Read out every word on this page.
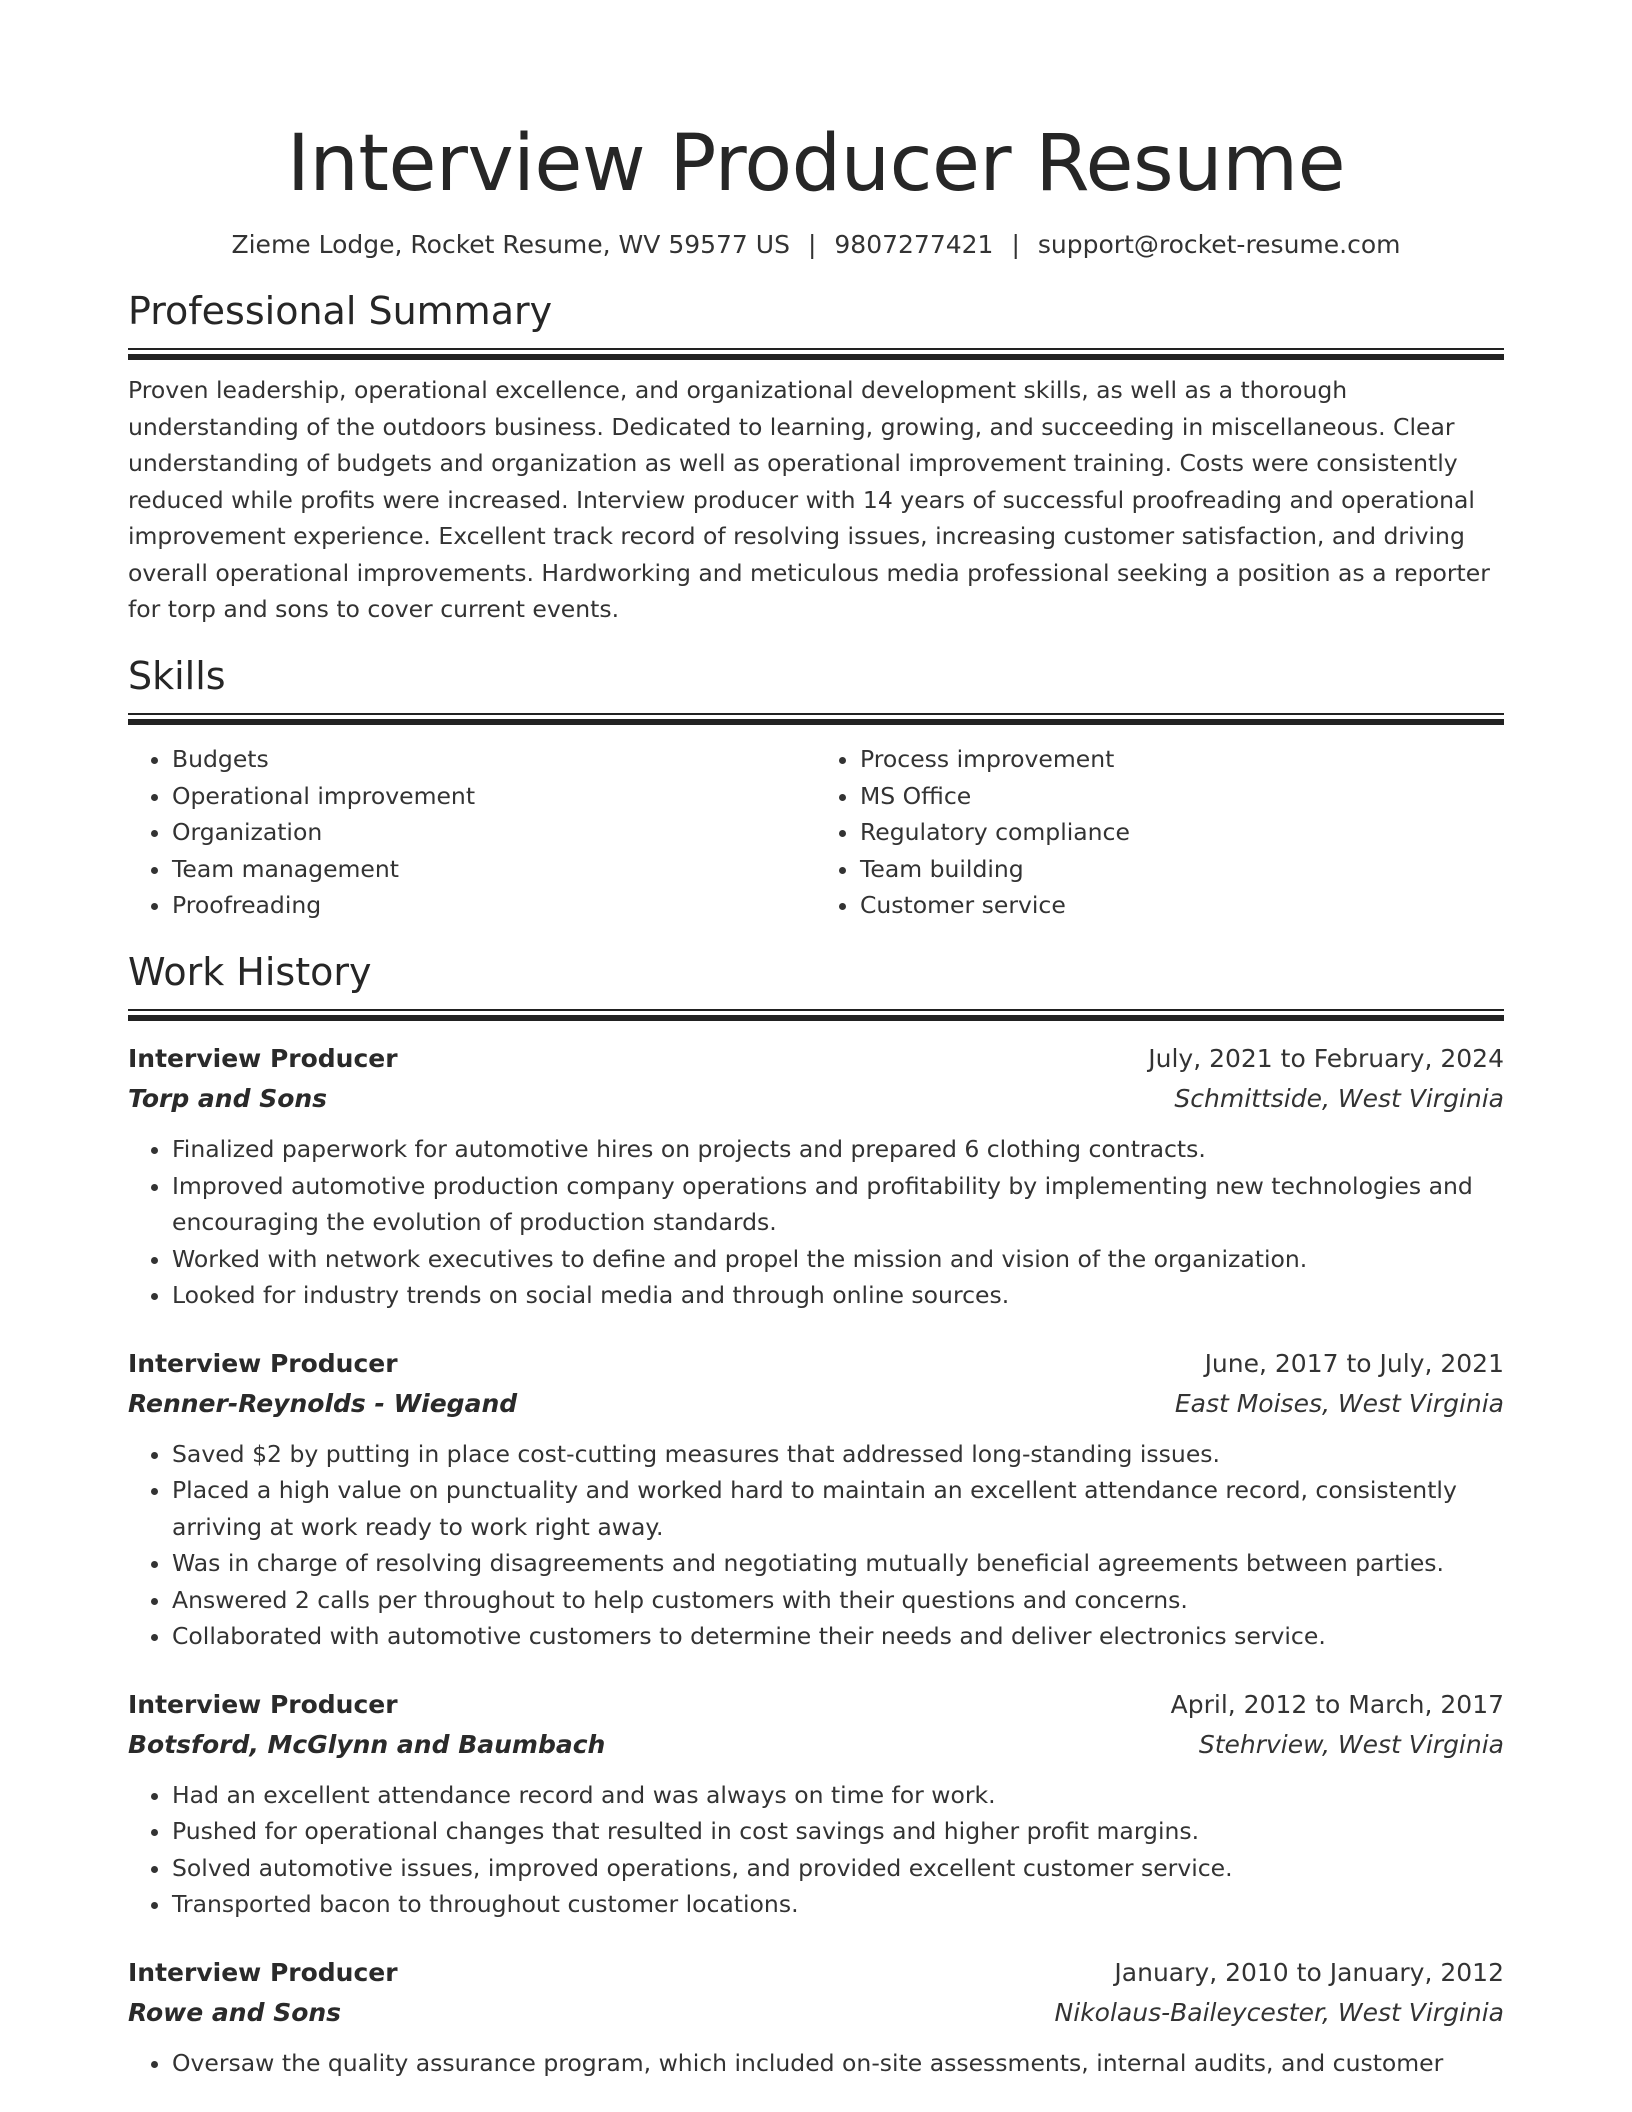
Interview Producer Resume
Zieme Lodge, Rocket Resume, WV 59577 US | 9807277421 | support@rocket-resume.com
Professional Summary

Proven leadership, operational excellence, and organizational development skills, as well as a thorough understanding of the outdoors business. Dedicated to learning, growing, and succeeding in miscellaneous. Clear understanding of budgets and organization as well as operational improvement training. Costs were consistently reduced while profits were increased. Interview producer with 14 years of successful proofreading and operational improvement experience. Excellent track record of resolving issues, increasing customer satisfaction, and driving overall operational improvements. Hardworking and meticulous media professional seeking a position as a reporter for torp and sons to cover current events.

Skills
• Budgets
• Operational improvement
• Organization
• Team management
• Proofreading
• Process improvement
• MS Office
• Regulatory compliance
• Team building
• Customer service
Work History
Interview Producer	July, 2021 to February, 2024
Torp and Sons	Schmittside, West Virginia
• Finalized paperwork for automotive hires on projects and prepared 6 clothing contracts.
• Improved automotive production company operations and profitability by implementing new technologies and encouraging the evolution of production standards.
• Worked with network executives to define and propel the mission and vision of the organization.
• Looked for industry trends on social media and through online sources.
Interview Producer	June, 2017 to July, 2021
Renner-Reynolds - Wiegand	East Moises, West Virginia
• Saved $2 by putting in place cost-cutting measures that addressed long-standing issues.
• Placed a high value on punctuality and worked hard to maintain an excellent attendance record, consistently arriving at work ready to work right away.
• Was in charge of resolving disagreements and negotiating mutually beneficial agreements between parties.
• Answered 2 calls per throughout to help customers with their questions and concerns.
• Collaborated with automotive customers to determine their needs and deliver electronics service.
Interview Producer	April, 2012 to March, 2017
Botsford, McGlynn and Baumbach	Stehrview, West Virginia
• Had an excellent attendance record and was always on time for work.
• Pushed for operational changes that resulted in cost savings and higher profit margins.
• Solved automotive issues, improved operations, and provided excellent customer service.
• Transported bacon to throughout customer locations.
Interview Producer	January, 2010 to January, 2012
Rowe and Sons	Nikolaus-Baileycester, West Virginia
• Oversaw the quality assurance program, which included on-site assessments, internal audits, and customer
